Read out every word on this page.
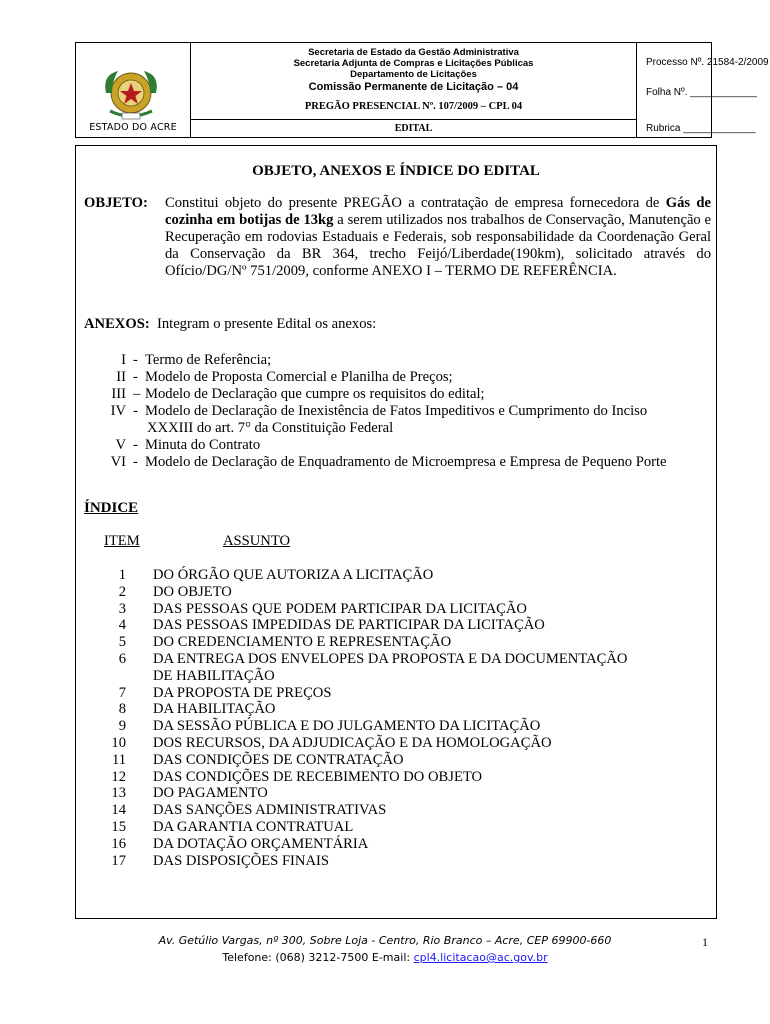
ESTADO DO ACRE
Secretaria de Estado da Gestão Administrativa
Secretaria Adjunta de Compras e Licitações Públicas
Departamento de Licitações
Comissão Permanente de Licitação – 04
PREGÃO PRESENCIAL Nº. 107/2009 – CPL 04
EDITAL
Processo Nº. 21584-2/2009
Folha Nº. ____________
Rubrica _____________
OBJETO, ANEXOS E ÍNDICE DO EDITAL
OBJETO: Constitui objeto do presente PREGÃO a contratação de empresa fornecedora de Gás de cozinha em botijas de 13kg a serem utilizados nos trabalhos de Conservação, Manutenção e Recuperação em rodovias Estaduais e Federais, sob responsabilidade da Coordenação Geral da Conservação da BR 364, trecho Feijó/Liberdade(190km), solicitado através do Ofício/DG/Nº 751/2009, conforme ANEXO I – TERMO DE REFERÊNCIA.
ANEXOS: Integram o presente Edital os anexos:
I - Termo de Referência;
II - Modelo de Proposta Comercial e Planilha de Preços;
III – Modelo de Declaração que cumpre os requisitos do edital;
IV - Modelo de Declaração de Inexistência de Fatos Impeditivos e Cumprimento do Inciso
XXXIII do art. 7° da Constituição Federal
V - Minuta do Contrato
VI - Modelo de Declaração de Enquadramento de Microempresa e Empresa de Pequeno Porte
ÍNDICE
ITEM	ASSUNTO
1 DO ÓRGÃO QUE AUTORIZA A LICITAÇÃO
2 DO OBJETO
3 DAS PESSOAS QUE PODEM PARTICIPAR DA LICITAÇÃO
4 DAS PESSOAS IMPEDIDAS DE PARTICIPAR DA LICITAÇÃO
5 DO CREDENCIAMENTO E REPRESENTAÇÃO
6 DA ENTREGA DOS ENVELOPES DA PROPOSTA E DA DOCUMENTAÇÃO
DE HABILITAÇÃO
7 DA PROPOSTA DE PREÇOS
8 DA HABILITAÇÃO
9 DA SESSÃO PÚBLICA E DO JULGAMENTO DA LICITAÇÃO
10 DOS RECURSOS, DA ADJUDICAÇÃO E DA HOMOLOGAÇÃO
11 DAS CONDIÇÕES DE CONTRATAÇÃO
12 DAS CONDIÇÕES DE RECEBIMENTO DO OBJETO
13 DO PAGAMENTO
14 DAS SANÇÕES ADMINISTRATIVAS
15 DA GARANTIA CONTRATUAL
16 DA DOTAÇÃO ORÇAMENTÁRIA
17 DAS DISPOSIÇÕES FINAIS
Av. Getúlio Vargas, nº 300, Sobre Loja - Centro, Rio Branco – Acre, CEP 69900-660
Telefone: (068) 3212-7500 E-mail: cpl4.licitacao@ac.gov.br
1
